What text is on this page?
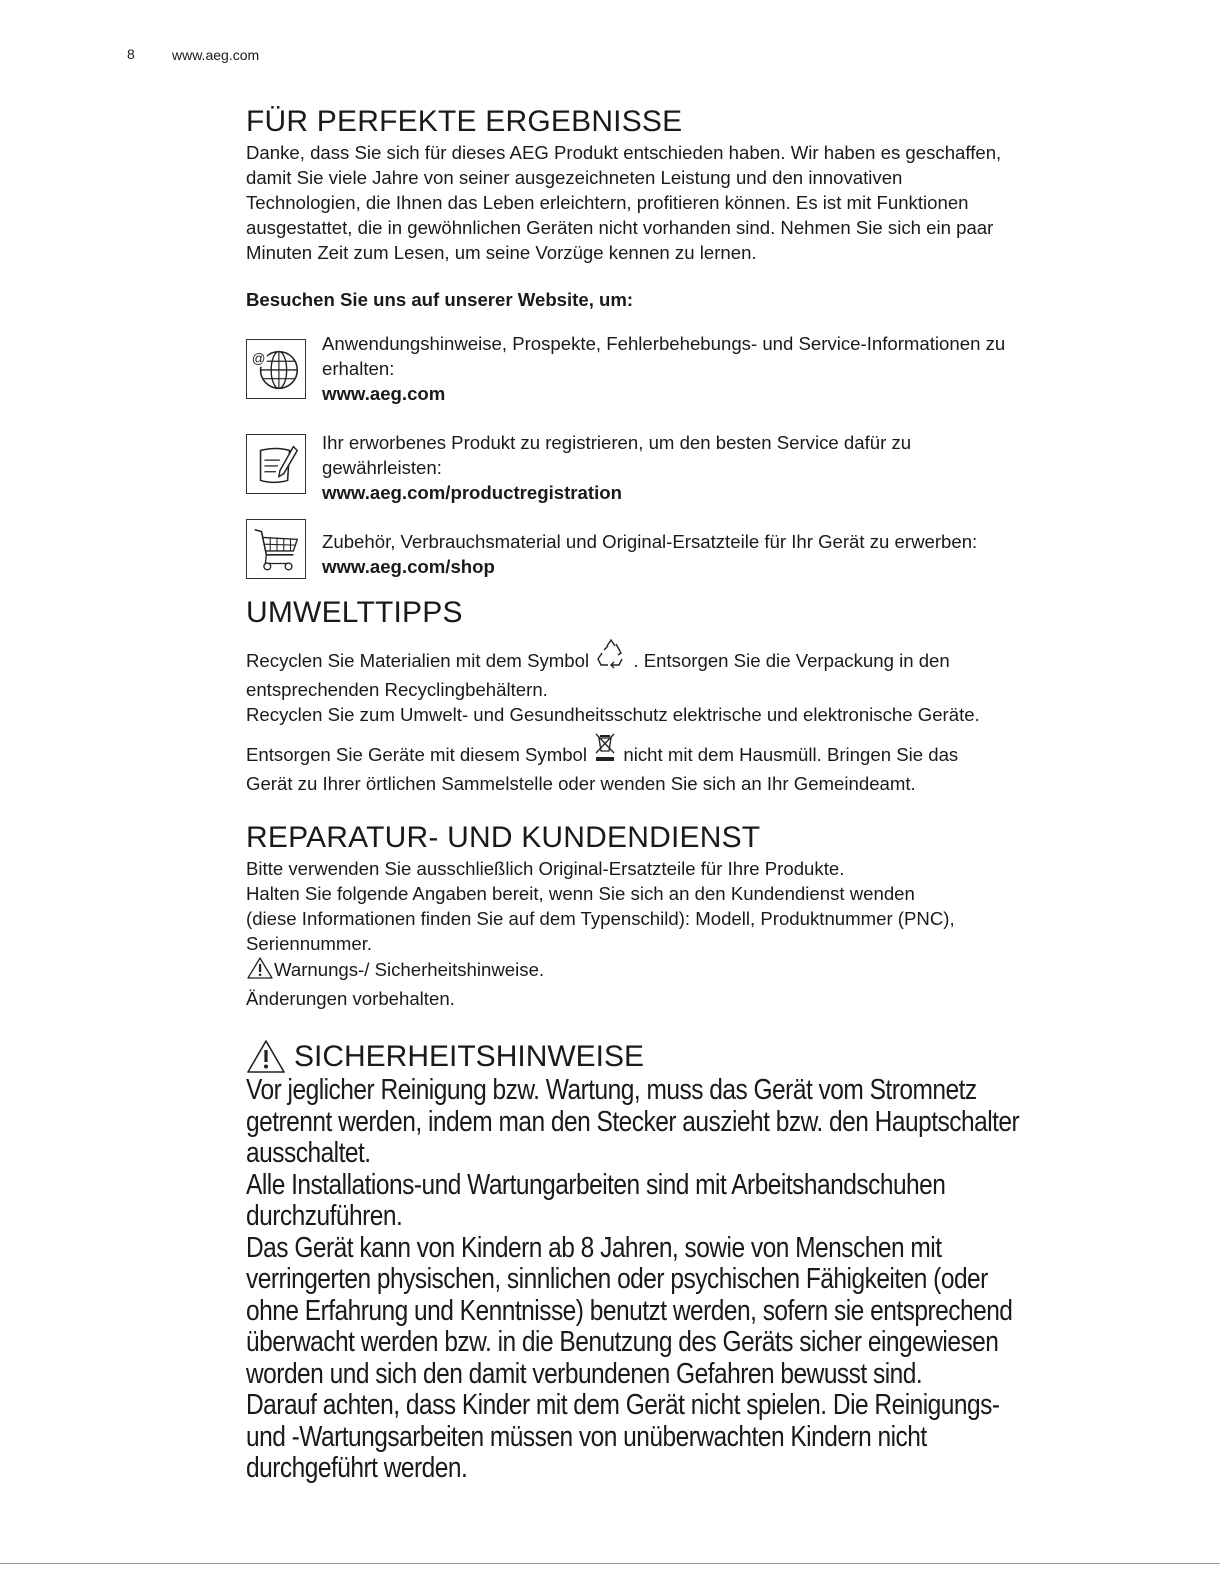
8	www.aeg.com
FÜR PERFEKTE ERGEBNISSE

Danke, dass Sie sich für dieses AEG Produkt entschieden haben. Wir haben es geschaffen,

damit Sie viele Jahre von seiner ausgezeichneten Leistung und den innovativen

Technologien, die Ihnen das Leben erleichtern, profitieren können. Es ist mit Funktionen

ausgestattet, die in gewöhnlichen Geräten nicht vorhanden sind. Nehmen Sie sich ein paar

Minuten Zeit zum Lesen, um seine Vorzüge kennen zu lernen.

Besuchen Sie uns auf unserer Website, um:

@

Anwendungshinweise, Prospekte, Fehlerbehebungs- und Service-Informationen zu

erhalten:

www.aeg.com

Ihr erworbenes Produkt zu registrieren, um den besten Service dafür zu

gewährleisten:

www.aeg.com/productregistration

Zubehör, Verbrauchsmaterial und Original-Ersatzteile für Ihr Gerät zu erwerben:

www.aeg.com/shop

UMWELTTIPPS

Recyclen Sie Materialien mit dem Symbol . Entsorgen Sie die Verpackung in den

entsprechenden Recyclingbehältern.

Recyclen Sie zum Umwelt- und Gesundheitsschutz elektrische und elektronische Geräte.

Entsorgen Sie Geräte mit diesem Symbol nicht mit dem Hausmüll. Bringen Sie das

Gerät zu Ihrer örtlichen Sammelstelle oder wenden Sie sich an Ihr Gemeindeamt.

REPARATUR- UND KUNDENDIENST

Bitte verwenden Sie ausschließlich Original-Ersatzteile für Ihre Produkte.

Halten Sie folgende Angaben bereit, wenn Sie sich an den Kundendienst wenden

(diese Informationen finden Sie auf dem Typenschild): Modell, Produktnummer (PNC),

Seriennummer.

Warnungs-/ Sicherheitshinweise.

Änderungen vorbehalten.

SICHERHEITSHINWEISE
Vor jeglicher Reinigung bzw. Wartung, muss das Gerät vom Stromnetz
getrennt werden, indem man den Stecker auszieht bzw. den Hauptschalter
ausschaltet.
Alle Installations-und Wartungarbeiten sind mit Arbeitshandschuhen
durchzuführen.
Das Gerät kann von Kindern ab 8 Jahren, sowie von Menschen mit
verringerten physischen, sinnlichen oder psychischen Fähigkeiten (oder
ohne Erfahrung und Kenntnisse) benutzt werden, sofern sie entsprechend
überwacht werden bzw. in die Benutzung des Geräts sicher eingewiesen
worden und sich den damit verbundenen Gefahren bewusst sind.
Darauf achten, dass Kinder mit dem Gerät nicht spielen. Die Reinigungs-
und -Wartungsarbeiten müssen von unüberwachten Kindern nicht
durchgeführt werden.
